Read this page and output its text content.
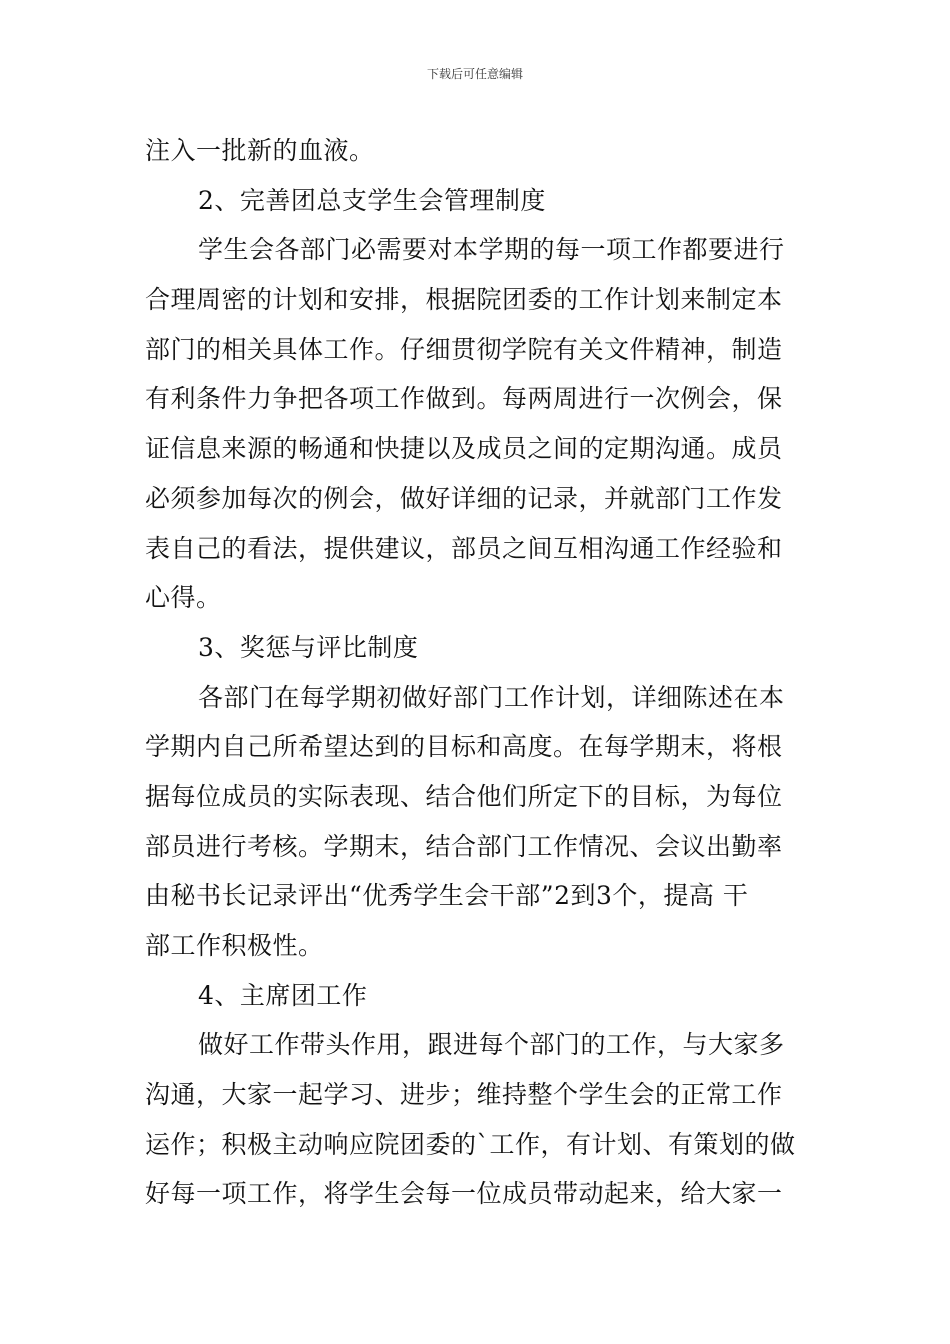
下载后可任意编辑
注入一批新的血液。
2、完善团总支学生会管理制度
学生会各部门必需要对本学期的每一项工作都要进行
合理周密的计划和安排，根据院团委的工作计划来制定本
部门的相关具体工作。仔细贯彻学院有关文件精神，制造
有利条件力争把各项工作做到。每两周进行一次例会，保
证信息来源的畅通和快捷以及成员之间的定期沟通。成员
必须参加每次的例会，做好详细的记录，并就部门工作发
表自己的看法，提供建议，部员之间互相沟通工作经验和
心得。
3、奖惩与评比制度
各部门在每学期初做好部门工作计划，详细陈述在本
学期内自己所希望达到的目标和高度。在每学期末，将根
据每位成员的实际表现、结合他们所定下的目标，为每位
部员进行考核。学期末，结合部门工作情况、会议出勤率
由秘书长记录评出“优秀学生会干部”2到3个，提高 干
部工作积极性。
4、主席团工作
做好工作带头作用，跟进每个部门的工作，与大家多
沟通，大家一起学习、进步；维持整个学生会的正常工作
运作；积极主动响应院团委的`工作，有计划、有策划的做
好每一项工作，将学生会每一位成员带动起来，给大家一
